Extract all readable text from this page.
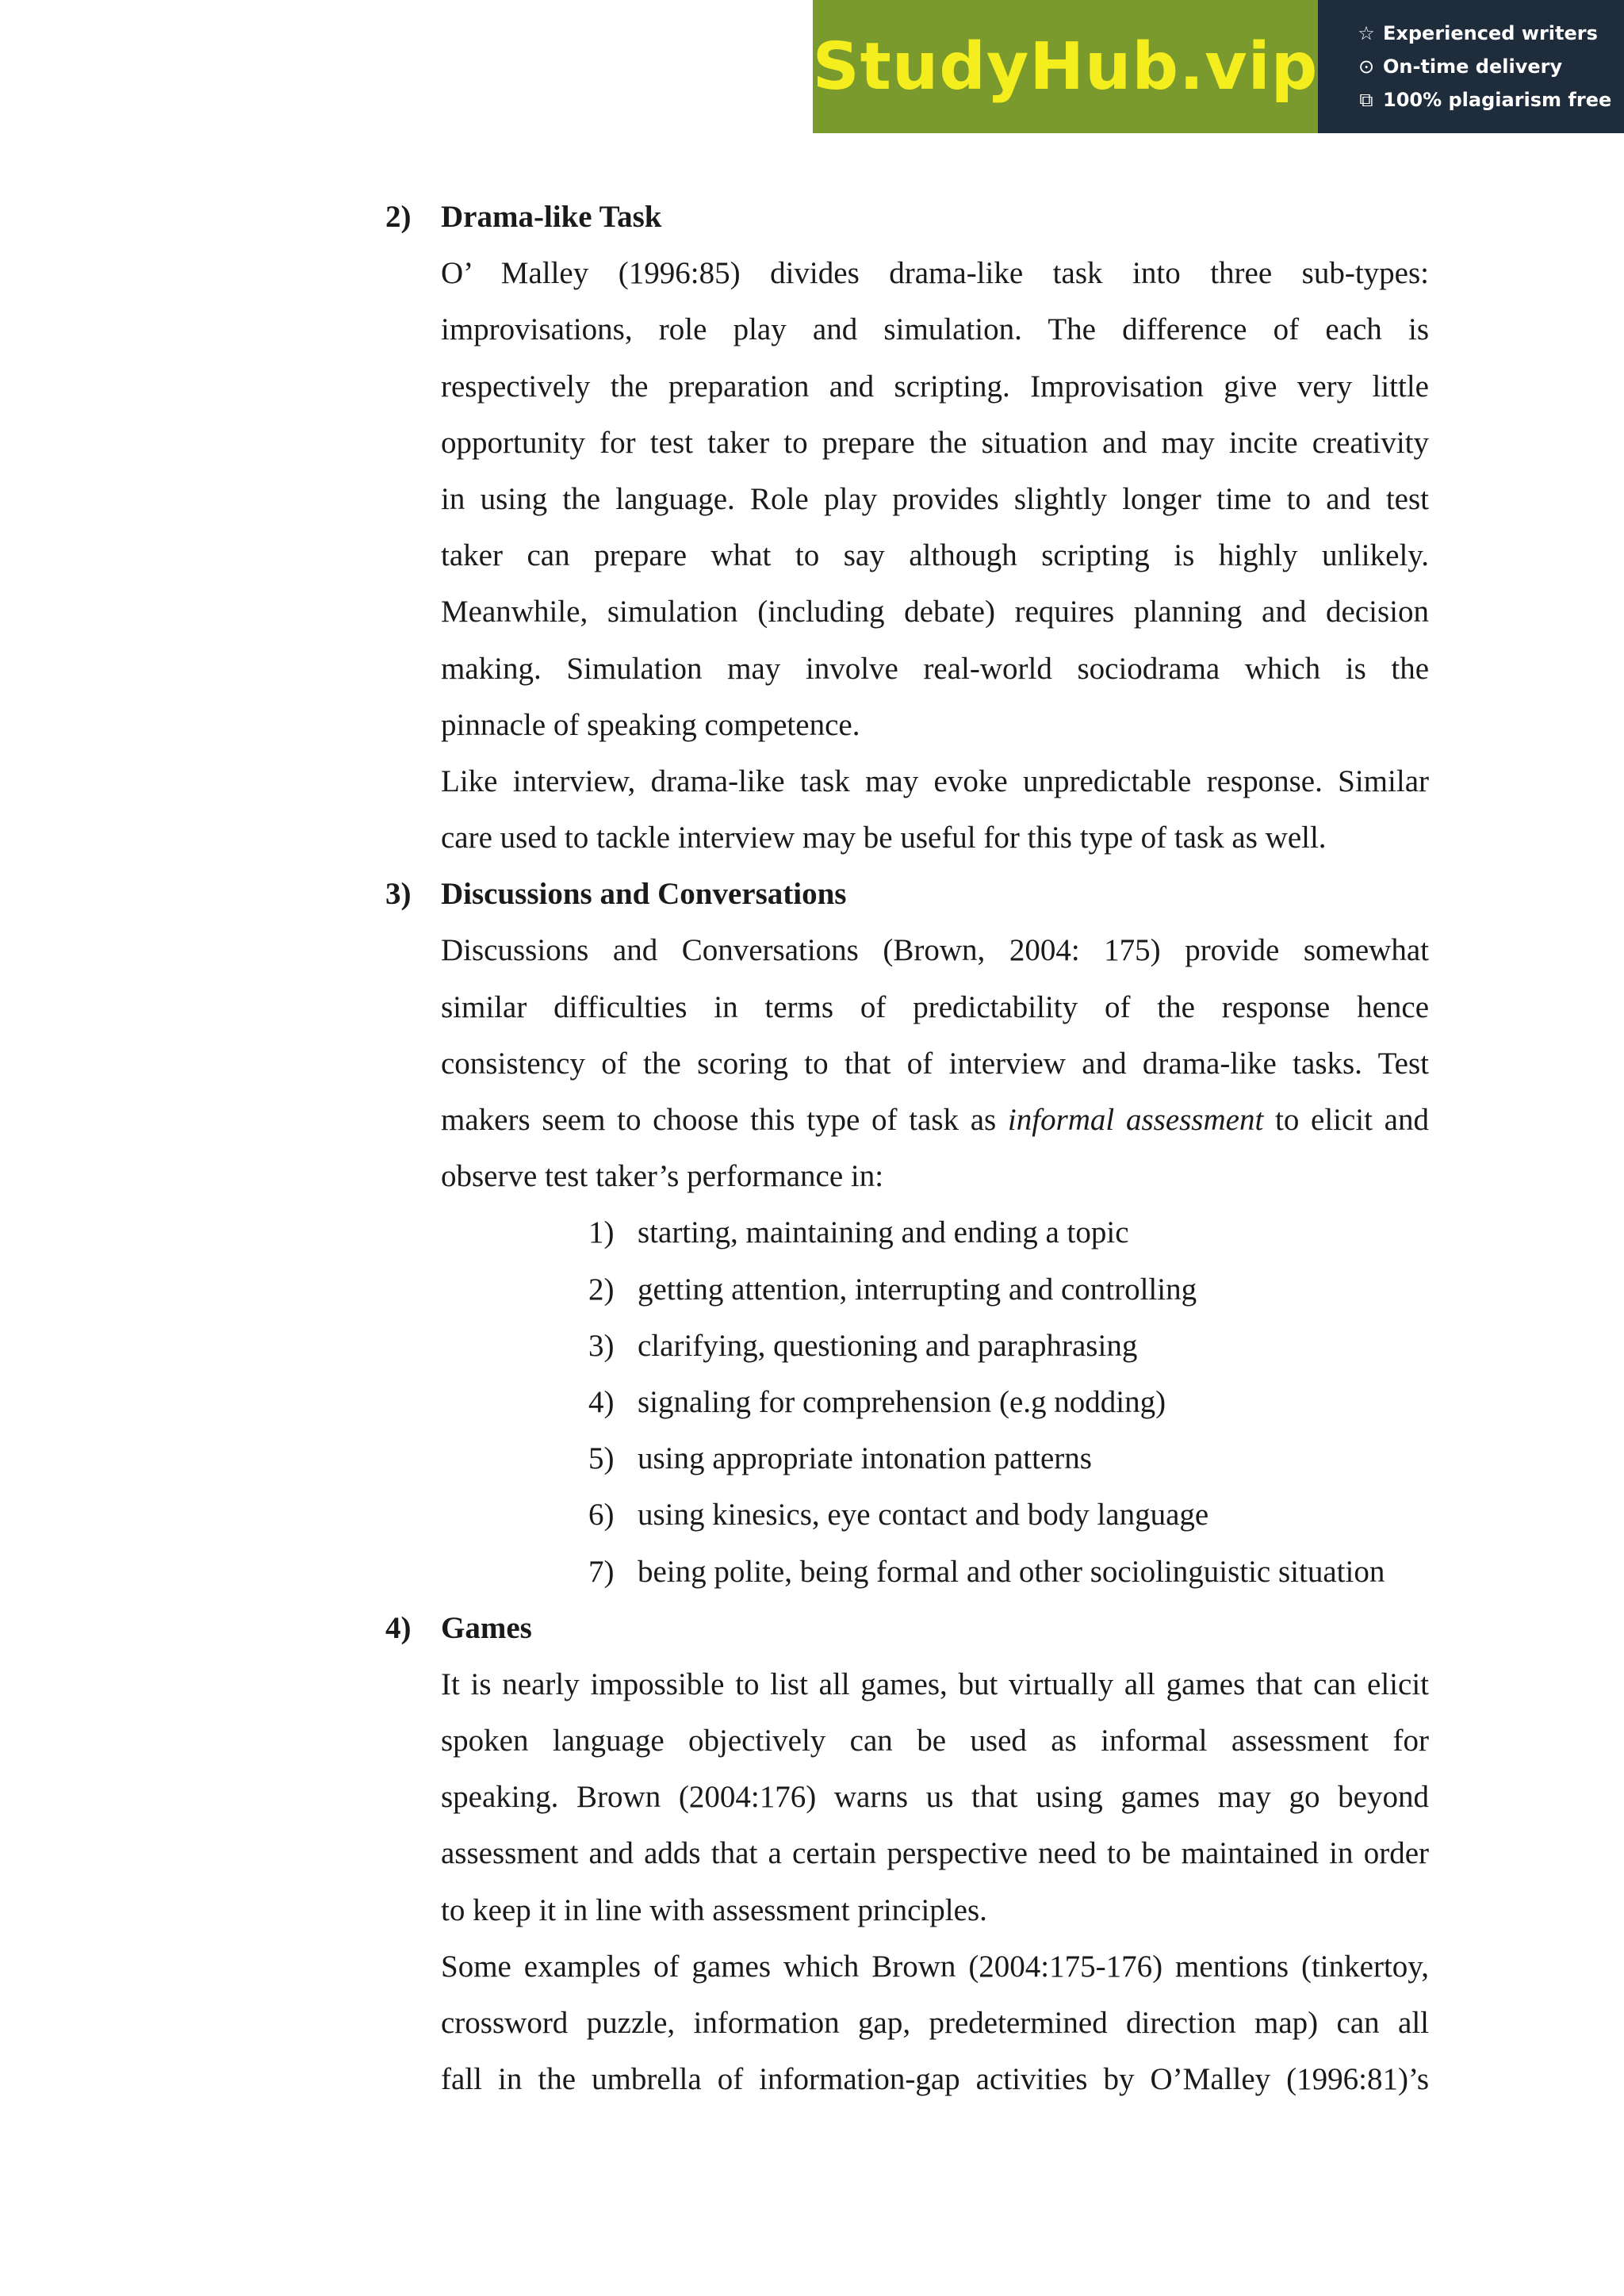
StudyHub.vip ☆ Experienced writers
⊙ On-time delivery
⧉ 100% plagiarism free
2) Drama-like Task
O’ Malley (1996:85) divides drama-like task into three sub-types:
improvisations, role play and simulation. The difference of each is
respectively the preparation and scripting. Improvisation give very little
opportunity for test taker to prepare the situation and may incite creativity
in using the language. Role play provides slightly longer time to and test
taker can prepare what to say although scripting is highly unlikely.
Meanwhile, simulation (including debate) requires planning and decision
making. Simulation may involve real-world sociodrama which is the
pinnacle of speaking competence.
Like interview, drama-like task may evoke unpredictable response. Similar
care used to tackle interview may be useful for this type of task as well.
3) Discussions and Conversations
Discussions and Conversations (Brown, 2004: 175) provide somewhat
similar difficulties in terms of predictability of the response hence
consistency of the scoring to that of interview and drama-like tasks. Test
makers seem to choose this type of task as informal assessment to elicit and
observe test taker’s performance in:
1) starting, maintaining and ending a topic
2) getting attention, interrupting and controlling
3) clarifying, questioning and paraphrasing
4) signaling for comprehension (e.g nodding)
5) using appropriate intonation patterns
6) using kinesics, eye contact and body language
7) being polite, being formal and other sociolinguistic situation
4) Games
It is nearly impossible to list all games, but virtually all games that can elicit
spoken language objectively can be used as informal assessment for
speaking. Brown (2004:176) warns us that using games may go beyond
assessment and adds that a certain perspective need to be maintained in order
to keep it in line with assessment principles.
Some examples of games which Brown (2004:175-176) mentions (tinkertoy,
crossword puzzle, information gap, predetermined direction map) can all
fall in the umbrella of information-gap activities by O’Malley (1996:81)’s
